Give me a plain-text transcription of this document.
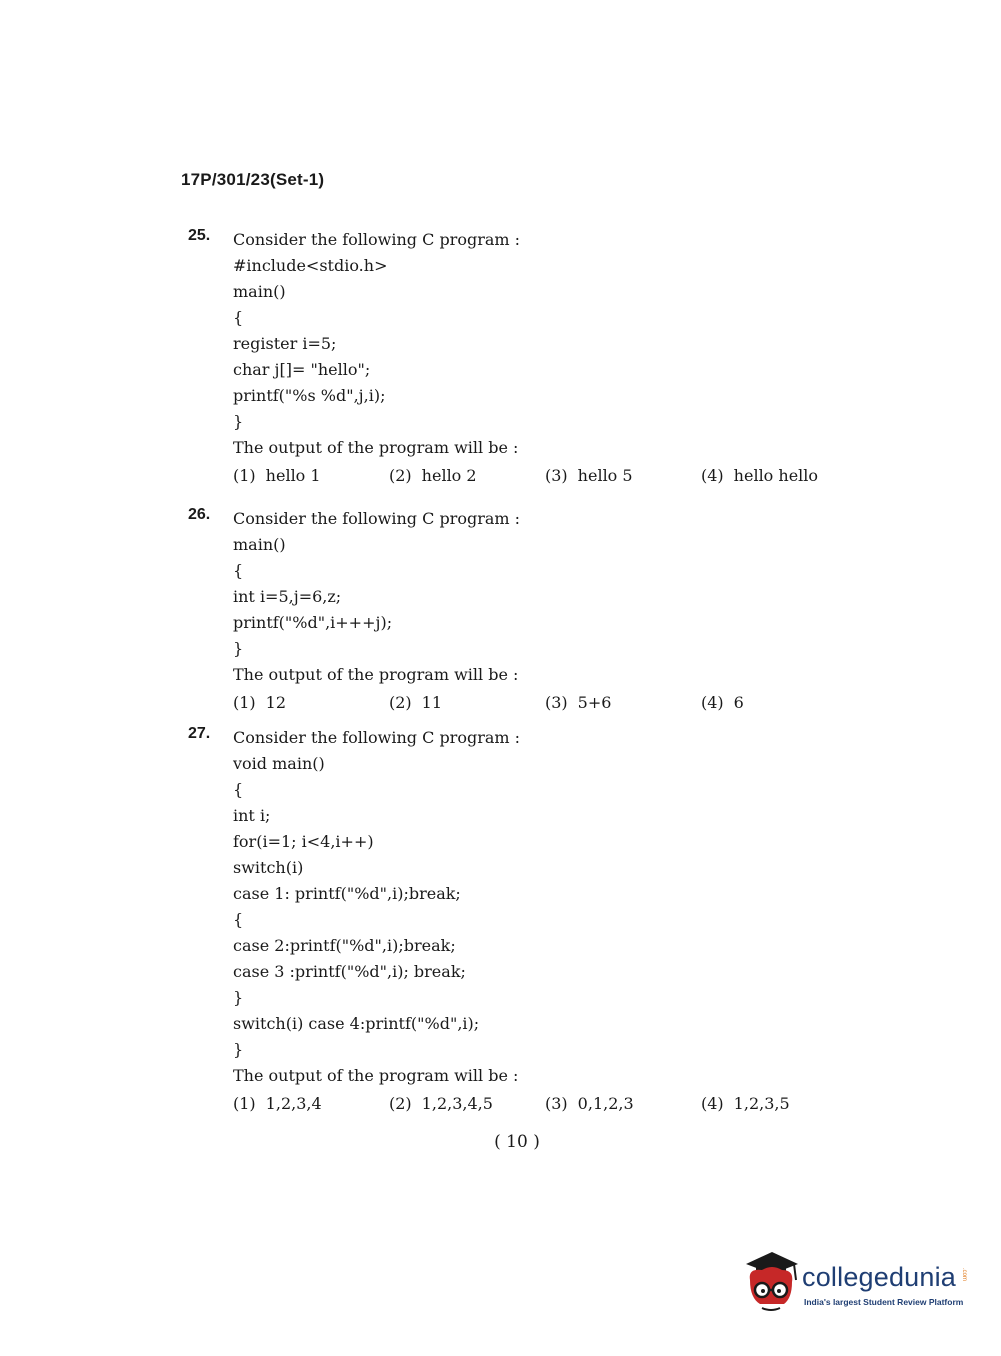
17P/301/23(Set-1)
25. Consider the following C program :
#include<stdio.h>
main()
{
register i=5;
char j[]= "hello";
printf("%s %d",j,i);
}
The output of the program will be :
(1) hello 1	(2) hello 2	(3) hello 5	(4) hello hello
26. Consider the following C program :
main()
{
int i=5,j=6,z;
printf("%d",i+++j);
}
The output of the program will be :
(1) 12	(2) 11	(3) 5+6	(4) 6
27. Consider the following C program :
void main()
{
int i;
for(i=1; i<4,i++)
switch(i)
case 1: printf("%d",i);break;
{
case 2:printf("%d",i);break;
case 3 :printf("%d",i); break;
}
switch(i) case 4:printf("%d",i);
}
The output of the program will be :
(1) 1,2,3,4	(2) 1,2,3,4,5	(3) 0,1,2,3	(4) 1,2,3,5
( 10 )
collegedunia .com
India's largest Student Review Platform
